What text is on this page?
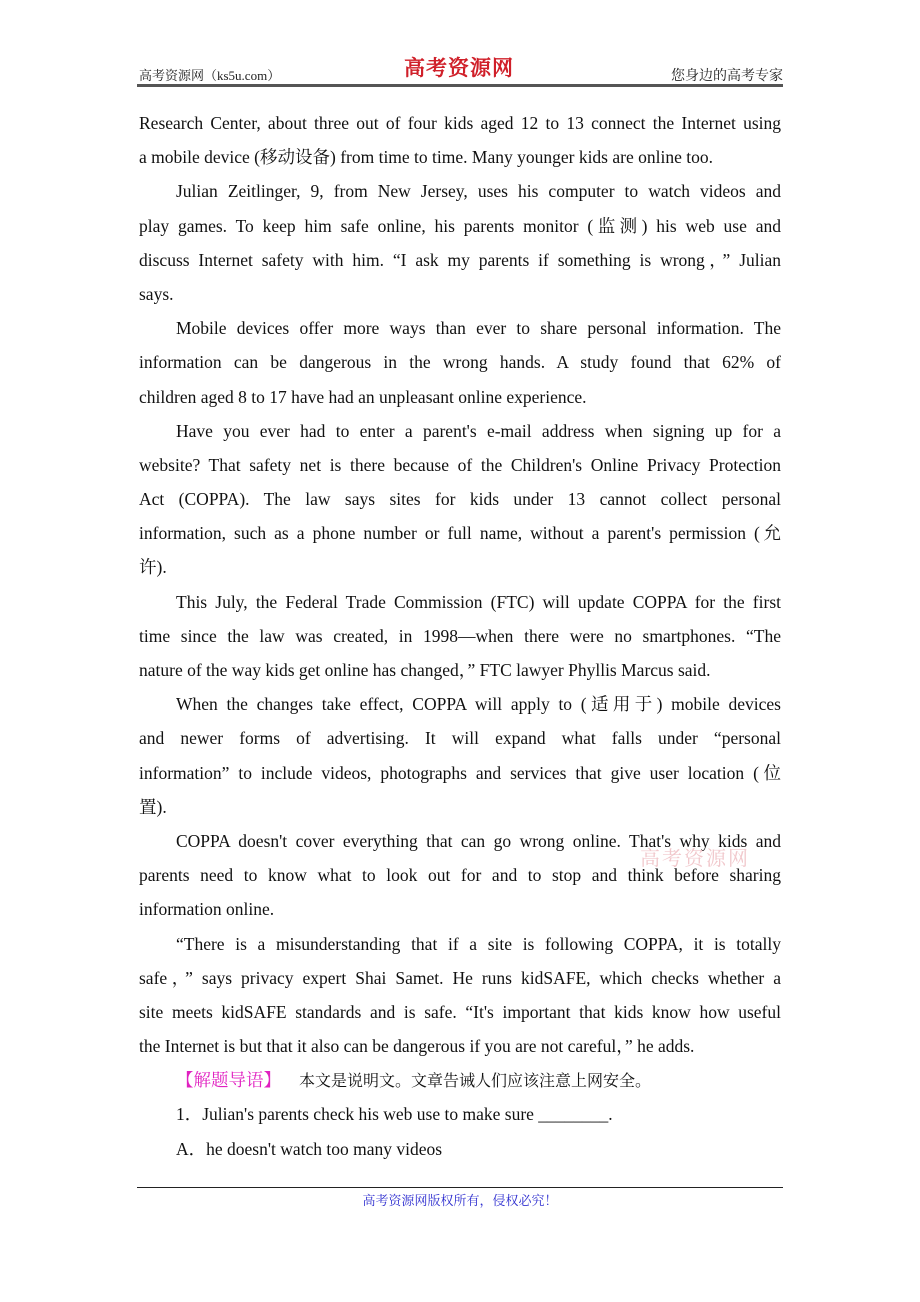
高考资源网（ks5u.com）	高考资源网	您身边的高考专家
Research Center, about three out of four kids aged 12 to 13 connect the Internet using
a mobile device (移动设备) from time to time. Many younger kids are online too.
Julian Zeitlinger, 9, from New Jersey, uses his computer to watch videos and
play games. To keep him safe online, his parents monitor (监测) his web use and
discuss Internet safety with him. “I ask my parents if something is wrong，” Julian
says.
Mobile devices offer more ways than ever to share personal information. The
information can be dangerous in the wrong hands. A study found that 62% of
children aged 8 to 17 have had an unpleasant online experience.
Have you ever had to enter a parent's e-mail address when signing up for a
website? That safety net is there because of the Children's Online Privacy Protection
Act (COPPA). The law says sites for kids under 13 cannot collect personal
information, such as a phone number or full name, without a parent's permission (允
许).
This July, the Federal Trade Commission (FTC) will update COPPA for the first
time since the law was created, in 1998—when there were no smartphones. “The
nature of the way kids get online has changed，” FTC lawyer Phyllis Marcus said.
When the changes take effect, COPPA will apply to (适用于) mobile devices
and newer forms of advertising. It will expand what falls under “personal
information” to include videos, photographs and services that give user location (位
置).
COPPA doesn't cover everything that can go wrong online. That's why kids and
parents need to know what to look out for and to stop and think before sharing
information online.
“There is a misunderstanding that if a site is following COPPA, it is totally
safe，” says privacy expert Shai Samet. He runs kidSAFE, which checks whether a
site meets kidSAFE standards and is safe. “It's important that kids know how useful
the Internet is but that it also can be dangerous if you are not careful，” he adds.
【解题导语】 本文是说明文。文章告诫人们应该注意上网安全。
1．Julian's parents check his web use to make sure ________.
A．he doesn't watch too many videos
高考资源网
高考资源网版权所有，侵权必究！
